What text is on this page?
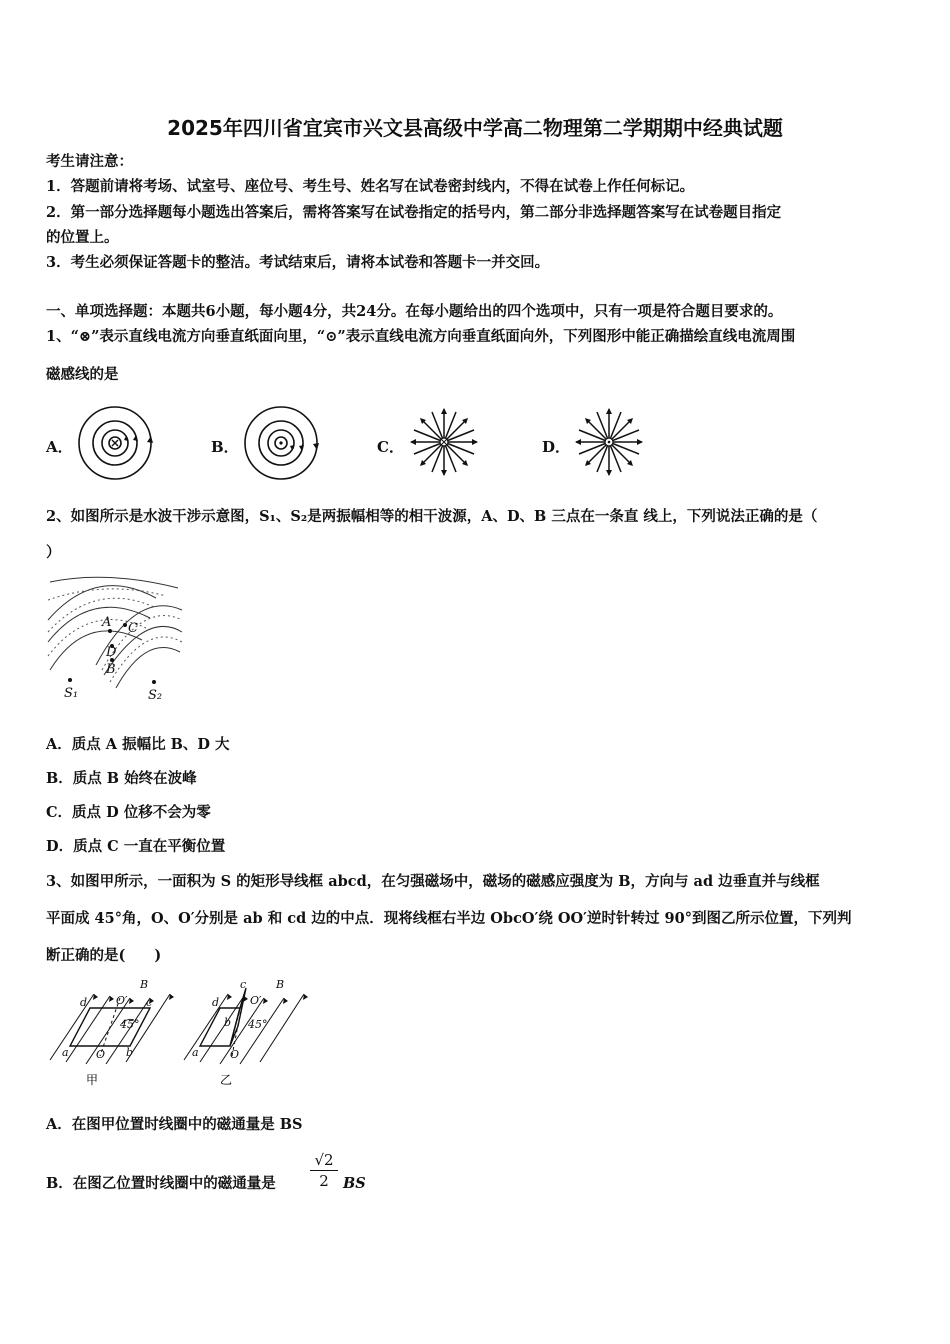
2025年四川省宜宾市兴文县高级中学高二物理第二学期期中经典试题
考生请注意：
1．答题前请将考场、试室号、座位号、考生号、姓名写在试卷密封线内，不得在试卷上作任何标记。
2．第一部分选择题每小题选出答案后，需将答案写在试卷指定的括号内，第二部分非选择题答案写在试卷题目指定
的位置上。
3．考生必须保证答题卡的整洁。考试结束后，请将本试卷和答题卡一并交回。
一、单项选择题：本题共6小题，每小题4分，共24分。在每小题给出的四个选项中，只有一项是符合题目要求的。
1、“⊗”表示直线电流方向垂直纸面向里，“⊙”表示直线电流方向垂直纸面向外，下列图形中能正确描绘直线电流周围
磁感线的是
A．	B．	C．	D．
2、如图所示是水波干涉示意图，S₁、S₂是两振幅相等的相干波源，A、D、B 三点在一条直 线上，下列说法正确的是（
）
A C
D
B
S₁	S₂
A．质点 A 振幅比 B、D 大
B．质点 B 始终在波峰
C．质点 D 位移不会为零
D．质点 C 一直在平衡位置
3、如图甲所示，一面积为 S 的矩形导线框 abcd，在匀强磁场中，磁场的磁感应强度为 B，方向与 ad 边垂直并与线框
平面成 45°角，O、O′分别是 ab 和 cd 边的中点．现将线框右半边 ObcO′绕 OO′逆时针转过 90°到图乙所示位置，下列判
断正确的是(　　)
d	O′
B
c
45°
a O b
甲
c
d	O′
B
b 45°
a	O
乙
A．在图甲位置时线圈中的磁通量是 BS
B．在图乙位置时线圈中的磁通量是 $\frac{√2}{2}$ BS
